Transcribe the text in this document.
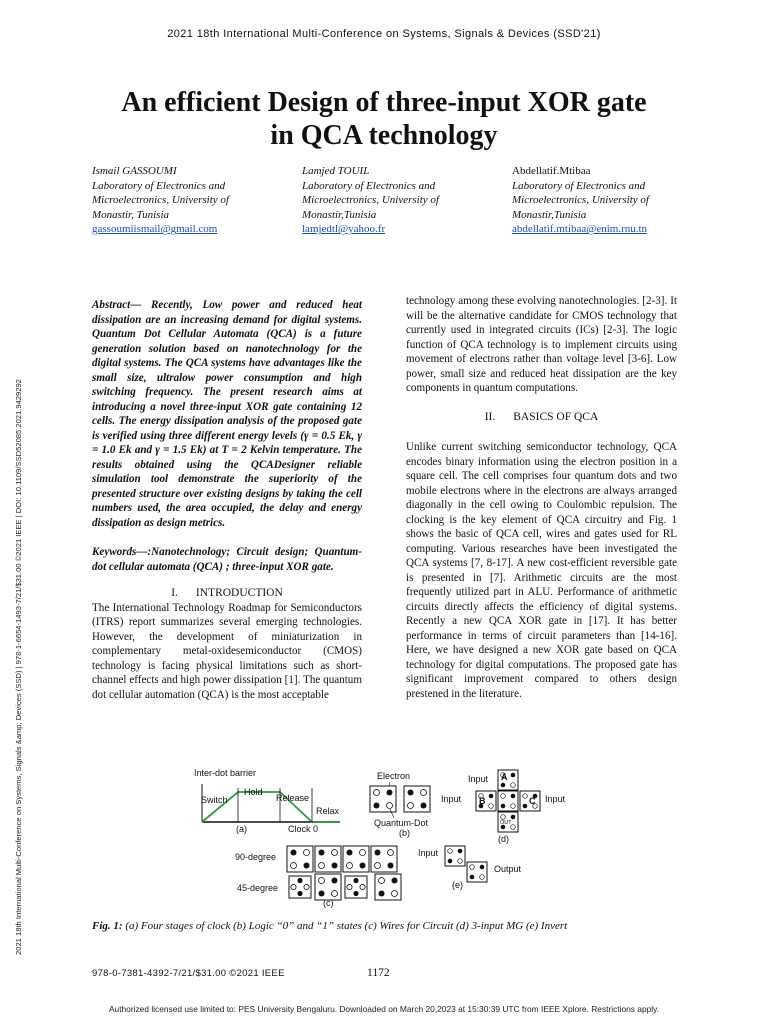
2021 18th International Multi-Conference on Systems, Signals & Devices (SSD'21)
2021 18th International Multi-Conference on Systems, Signals &amp; Devices (SSD) | 978-1-6654-1493-7/21/$31.00 ©2021 IEEE | DOI: 10.1109/SSD52085.2021.9429292
An efficient Design of three-input XOR gate
in QCA technology
Ismail GASSOUMI
Laboratory of Electronics and
Microelectronics, University of
Monastir, Tunisia
gassoumiismail@gmail.com
Lamjed TOUIL
Laboratory of Electronics and
Microelectronics, University of
Monastir,Tunisia
lamjedtl@yahoo.fr
Abdellatif.Mtibaa
Laboratory of Electronics and
Microelectronics, University of
Monastir,Tunisia
abdellatif.mtibaa@enim.rnu.tn

Abstract— Recently, Low power and reduced heat dissipation are an increasing demand for digital systems. Quantum Dot Cellular Automata (QCA) is a future generation solution based on nanotechnology for the digital systems. The QCA systems have advantages like the small size, ultralow power consumption and high switching frequency. The present research aims at introducing a novel three-input XOR gate containing 12 cells. The energy dissipation analysis of the proposed gate is verified using three different energy levels (γ = 0.5 Ek, γ = 1.0 Ek and γ = 1.5 Ek) at T = 2 Kelvin temperature. The results obtained using the QCADesigner reliable simulation tool demonstrate the superiority of the presented structure over existing designs by taking the cell numbers used, the area occupied, the delay and energy dissipation as design metrics.

Keywords—:Nanotechnology; Circuit design; Quantum-dot cellular automata (QCA) ; three-input XOR gate.

I. INTRODUCTION

The International Technology Roadmap for Semiconductors (ITRS) report summarizes several emerging technologies. However, the development of miniaturization in complementary metal-oxidesemiconductor (CMOS) technology is facing physical limitations such as short-channel effects and high power dissipation [1]. The quantum dot cellular automation (QCA) is the most acceptable

technology among these evolving nanotechnologies. [2-3]. It will be the alternative candidate for CMOS technology that currently used in integrated circuits (ICs) [2-3]. The logic function of QCA technology is to implement circuits using movement of electrons rather than voltage level [3-6]. Low power, small size and reduced heat dissipation are the key components in quantum computations.

II. BASICS OF QCA

Unlike current switching semiconductor technology, QCA encodes binary information using the electron position in a square cell. The cell comprises four quantum dots and two mobile electrons where in the electrons are always arranged diagonally in the cell owing to Coulombic repulsion. The clocking is the key element of QCA circuitry and Fig. 1 shows the basic of QCA cell, wires and gates used for RL computing. Various researches have been investigated the QCA systems [7, 8-17]. A new cost-efficient reversible gate is presented in [7]. Arithmetic circuits are the most frequently utilized part in ALU. Performance of arithmetic circuits directly affects the efficiency of digital systems. Recently a new QCA XOR gate in [17]. It has better performance in terms of circuit parameters than [14-16]. Here, we have designed a new XOR gate based on QCA technology for digital computations. The proposed gate has significant improvement compared to others design prestened in the literature.

Inter-dot barrier
Switch
Hold
Release
Relax
(a)	Clock 0
Electron
Quantum-Dot
(b)
90-degree
45-degree
(c)
Input
Input	Input
A
B	C
OUT
(d)
Input
Output
(e)
Fig. 1: (a) Four stages of clock (b) Logic “0” and “1” states (c) Wires for Circuit (d) 3-input MG (e) Invert
978-0-7381-4392-7/21/$31.00 ©2021 IEEE	1172
Authorized licensed use limited to: PES University Bengaluru. Downloaded on March 20,2023 at 15:30:39 UTC from IEEE Xplore. Restrictions apply.
